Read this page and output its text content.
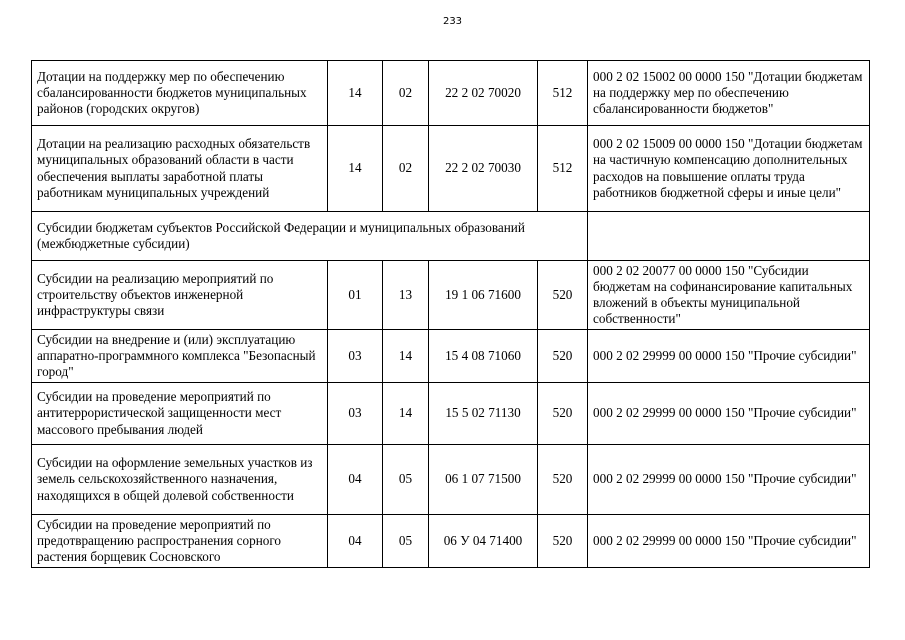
233
Дотации на поддержку мер по обеспечению сбалансированности бюджетов муниципальных районов (городских округов)	14	02	22 2 02 70020	512	000 2 02 15002 00 0000 150 "Дотации бюджетам на поддержку мер по обеспечению сбалансированности бюджетов"
Дотации на реализацию расходных обязательств муниципальных образований области в части обеспечения выплаты заработной платы работникам муниципальных учреждений	14	02	22 2 02 70030	512	000 2 02 15009 00 0000 150 "Дотации бюджетам на частичную компенсацию дополнительных расходов на повышение оплаты труда работников бюджетной сферы и иные цели"
Субсидии бюджетам субъектов Российской Федерации и муниципальных образований (межбюджетные субсидии)					
Субсидии на реализацию мероприятий по строительству объектов инженерной инфраструктуры связи	01	13	19 1 06 71600	520	000 2 02 20077 00 0000 150 "Субсидии бюджетам на софинансирование капитальных вложений в объекты муниципальной собственности"
Субсидии на внедрение и (или) эксплуатацию аппаратно-программного комплекса "Безопасный город"	03	14	15 4 08 71060	520	000 2 02 29999 00 0000 150 "Прочие субсидии"
Субсидии на проведение мероприятий по антитеррористической защищенности мест массового пребывания людей	03	14	15 5 02 71130	520	000 2 02 29999 00 0000 150 "Прочие субсидии"
Субсидии на оформление земельных участков из земель сельскохозяйственного назначения, находящихся в общей долевой собственности	04	05	06 1 07 71500	520	000 2 02 29999 00 0000 150 "Прочие субсидии"
Субсидии на проведение мероприятий по предотвращению распространения сорного растения борщевик Сосновского	04	05	06 У 04 71400	520	000 2 02 29999 00 0000 150 "Прочие субсидии"
